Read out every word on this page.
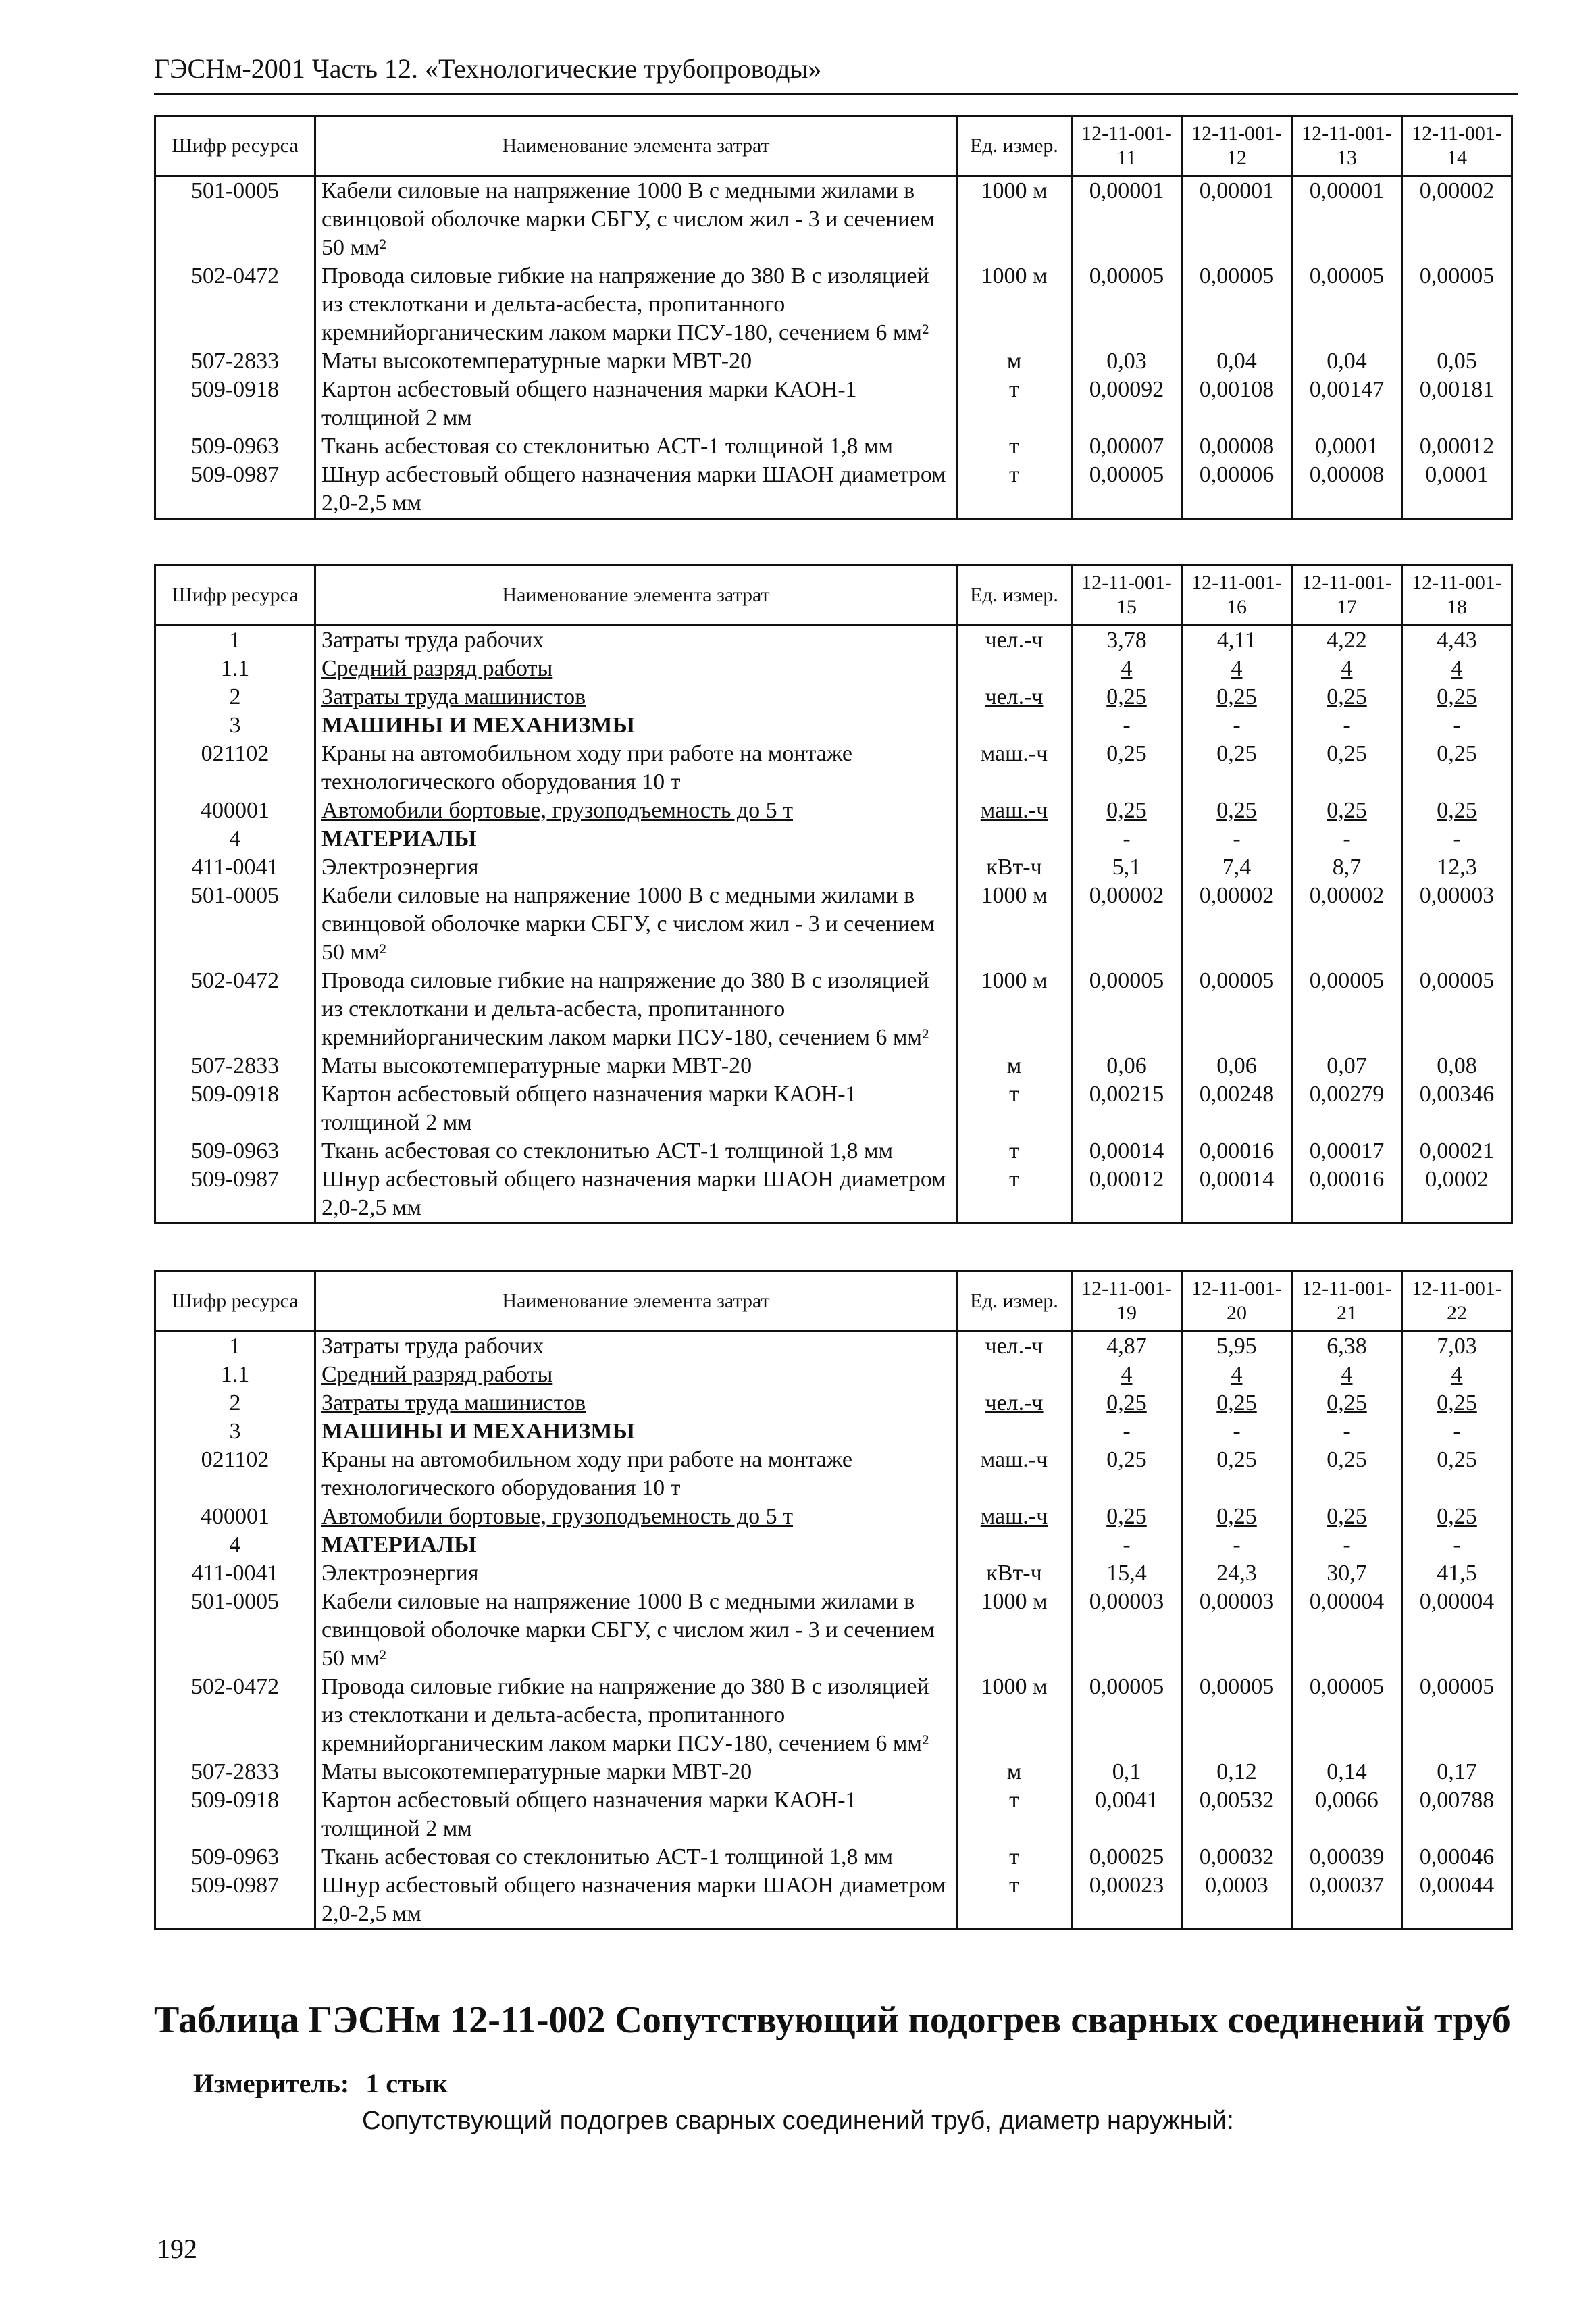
ГЭСНм-2001 Часть 12. «Технологические трубопроводы»
Шифр ресурса	Наименование элемента затрат	Ед. измер.	12-11-001-11	12-11-001-12	12-11-001-13	12-11-001-14
501-0005	Кабели силовые на напряжение 1000 В с медными жилами в свинцовой оболочке марки СБГУ, с числом жил - 3 и сечением 50 мм²	1000 м	0,00001	0,00001	0,00001	0,00002
502-0472	Провода силовые гибкие на напряжение до 380 В с изоляцией из стеклоткани и дельта-асбеста, пропитанного кремнийорганическим лаком марки ПСУ-180, сечением 6 мм²	1000 м	0,00005	0,00005	0,00005	0,00005
507-2833	Маты высокотемпературные марки МВТ-20	м	0,03	0,04	0,04	0,05
509-0918	Картон асбестовый общего назначения марки КАОН-1 толщиной 2 мм	т	0,00092	0,00108	0,00147	0,00181
509-0963	Ткань асбестовая со стеклонитью АСТ-1 толщиной 1,8 мм	т	0,00007	0,00008	0,0001	0,00012
509-0987	Шнур асбестовый общего назначения марки ШАОН диаметром 2,0-2,5 мм	т	0,00005	0,00006	0,00008	0,0001
Шифр ресурса	Наименование элемента затрат	Ед. измер.	12-11-001-15	12-11-001-16	12-11-001-17	12-11-001-18
1	Затраты труда рабочих	чел.-ч	3,78	4,11	4,22	4,43
1.1	Средний разряд работы		4	4	4	4
2	Затраты труда машинистов	чел.-ч	0,25	0,25	0,25	0,25
3	МАШИНЫ И МЕХАНИЗМЫ		-	-	-	-
021102	Краны на автомобильном ходу при работе на монтаже технологического оборудования 10 т	маш.-ч	0,25	0,25	0,25	0,25
400001	Автомобили бортовые, грузоподъемность до 5 т	маш.-ч	0,25	0,25	0,25	0,25
4	МАТЕРИАЛЫ		-	-	-	-
411-0041	Электроэнергия	кВт-ч	5,1	7,4	8,7	12,3
501-0005	Кабели силовые на напряжение 1000 В с медными жилами в свинцовой оболочке марки СБГУ, с числом жил - 3 и сечением 50 мм²	1000 м	0,00002	0,00002	0,00002	0,00003
502-0472	Провода силовые гибкие на напряжение до 380 В с изоляцией из стеклоткани и дельта-асбеста, пропитанного кремнийорганическим лаком марки ПСУ-180, сечением 6 мм²	1000 м	0,00005	0,00005	0,00005	0,00005
507-2833	Маты высокотемпературные марки МВТ-20	м	0,06	0,06	0,07	0,08
509-0918	Картон асбестовый общего назначения марки КАОН-1 толщиной 2 мм	т	0,00215	0,00248	0,00279	0,00346
509-0963	Ткань асбестовая со стеклонитью АСТ-1 толщиной 1,8 мм	т	0,00014	0,00016	0,00017	0,00021
509-0987	Шнур асбестовый общего назначения марки ШАОН диаметром 2,0-2,5 мм	т	0,00012	0,00014	0,00016	0,0002
Шифр ресурса	Наименование элемента затрат	Ед. измер.	12-11-001-19	12-11-001-20	12-11-001-21	12-11-001-22
1	Затраты труда рабочих	чел.-ч	4,87	5,95	6,38	7,03
1.1	Средний разряд работы		4	4	4	4
2	Затраты труда машинистов	чел.-ч	0,25	0,25	0,25	0,25
3	МАШИНЫ И МЕХАНИЗМЫ		-	-	-	-
021102	Краны на автомобильном ходу при работе на монтаже технологического оборудования 10 т	маш.-ч	0,25	0,25	0,25	0,25
400001	Автомобили бортовые, грузоподъемность до 5 т	маш.-ч	0,25	0,25	0,25	0,25
4	МАТЕРИАЛЫ		-	-	-	-
411-0041	Электроэнергия	кВт-ч	15,4	24,3	30,7	41,5
501-0005	Кабели силовые на напряжение 1000 В с медными жилами в свинцовой оболочке марки СБГУ, с числом жил - 3 и сечением 50 мм²	1000 м	0,00003	0,00003	0,00004	0,00004
502-0472	Провода силовые гибкие на напряжение до 380 В с изоляцией из стеклоткани и дельта-асбеста, пропитанного кремнийорганическим лаком марки ПСУ-180, сечением 6 мм²	1000 м	0,00005	0,00005	0,00005	0,00005
507-2833	Маты высокотемпературные марки МВТ-20	м	0,1	0,12	0,14	0,17
509-0918	Картон асбестовый общего назначения марки КАОН-1 толщиной 2 мм	т	0,0041	0,00532	0,0066	0,00788
509-0963	Ткань асбестовая со стеклонитью АСТ-1 толщиной 1,8 мм	т	0,00025	0,00032	0,00039	0,00046
509-0987	Шнур асбестовый общего назначения марки ШАОН диаметром 2,0-2,5 мм	т	0,00023	0,0003	0,00037	0,00044
Таблица ГЭСНм 12-11-002 Сопутствующий подогрев сварных соединений труб
Измеритель: 1 стык
Сопутствующий подогрев сварных соединений труб, диаметр наружный:
192
